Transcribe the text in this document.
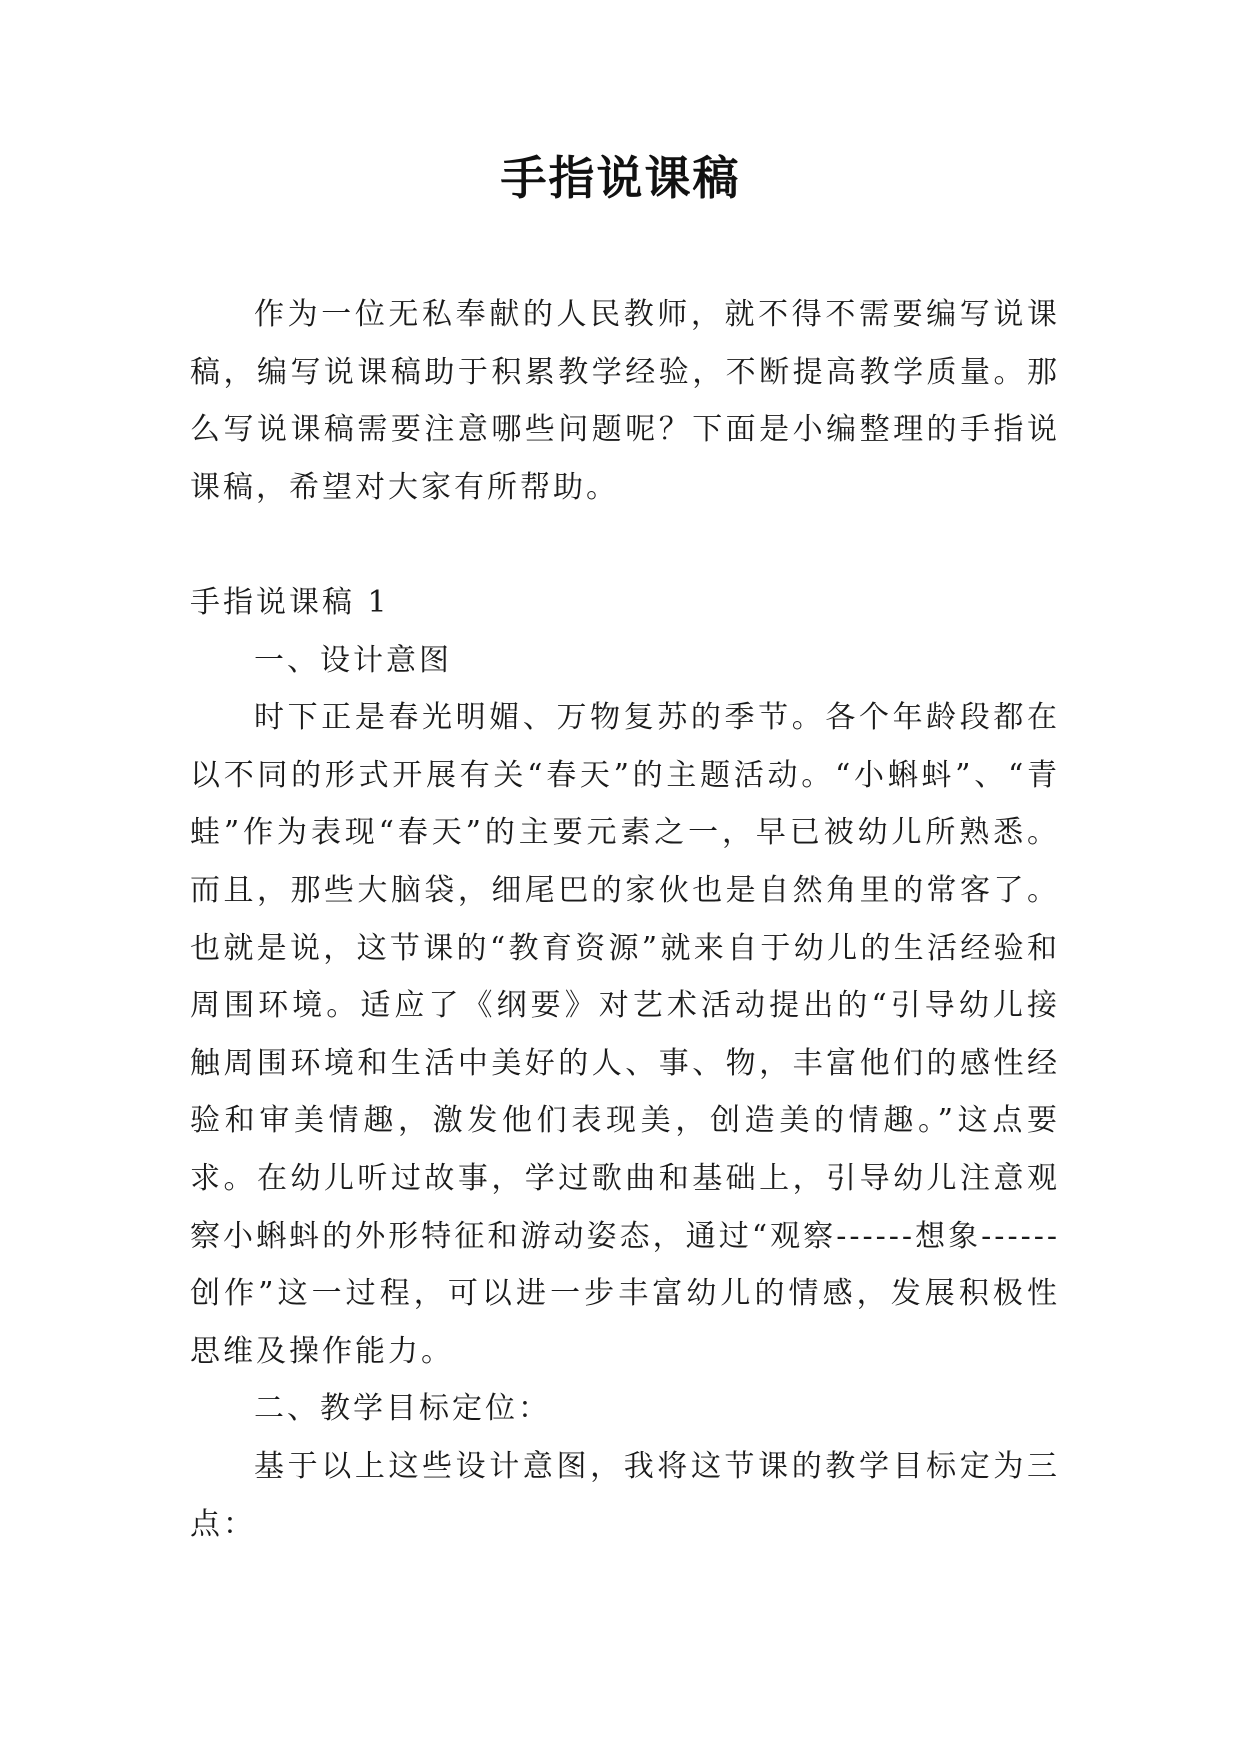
手指说课稿

作为一位无私奉献的人民教师，就不得不需要编写说课稿，编写说课稿助于积累教学经验，不断提高教学质量。那么写说课稿需要注意哪些问题呢？下面是小编整理的手指说课稿，希望对大家有所帮助。

手指说课稿 1

一、设计意图

时下正是春光明媚、万物复苏的季节。各个年龄段都在以不同的形式开展有关“春天”的主题活动。“小蝌蚪”、“青蛙”作为表现“春天”的主要元素之一，早已被幼儿所熟悉。而且，那些大脑袋，细尾巴的家伙也是自然角里的常客了。也就是说，这节课的“教育资源”就来自于幼儿的生活经验和周围环境。适应了《纲要》对艺术活动提出的“引导幼儿接触周围环境和生活中美好的人、事、物，丰富他们的感性经验和审美情趣，激发他们表现美，创造美的情趣。”这点要求。在幼儿听过故事，学过歌曲和基础上，引导幼儿注意观察小蝌蚪的外形特征和游动姿态，通过“观察------想象------创作”这一过程，可以进一步丰富幼儿的情感，发展积极性思维及操作能力。

二、教学目标定位：

基于以上这些设计意图，我将这节课的教学目标定为三点：
